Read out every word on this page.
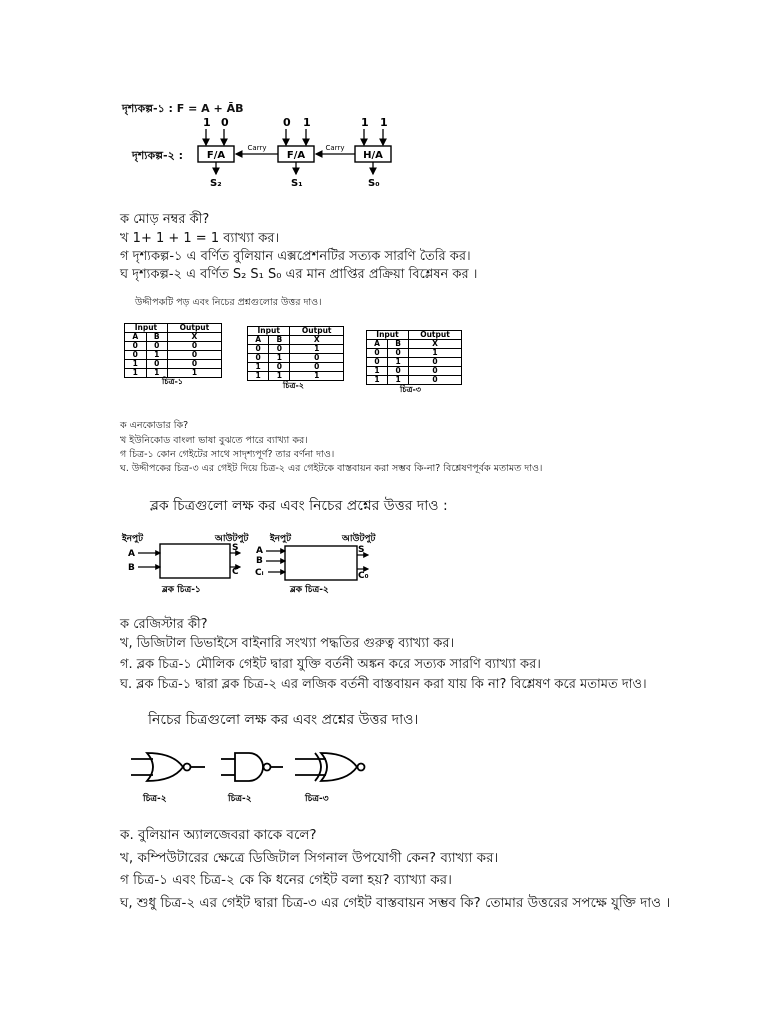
দৃশ্যকল্প-১ : F = A + ĀB
দৃশ্যকল্প-২ :
1 0	0 1	1 1
F/A	F/A	H/A
Carry	Carry
S₂	S₁	S₀
ক মোড় নম্বর কী?
খ 1+ 1 + 1 = 1 ব্যাখ্যা কর।
গ দৃশ্যকল্প-১ এ বর্ণিত বুলিয়ান এক্সপ্রেশনটির সত্যক সারণি তৈরি কর।
ঘ দৃশ্যকল্প-২ এ বর্ণিত S₂ S₁ S₀ এর মান প্রাপ্তির প্রক্রিয়া বিশ্লেষন কর ।
উদ্দীপকটি পড় এবং নিচের প্রশ্নগুলোর উত্তর দাও।
Input		Output
A	B	X
0	0	0
0	1	0
1	0	0
1	1	1
চিত্র-১
Input		Output
A	B	X
0	0	1
0	1	0
1	0	0
1	1	1
চিত্র-২
Input		Output
A	B	X
0	0	1
0	1	0
1	0	0
1	1	0
চিত্র-৩
ক এনকোডার কি?
খ ইউনিকোড বাংলা ভাষা বুঝতে পারে ব্যাখ্যা কর।
গ চিত্র-১ কোন গেইটের সাথে সাদৃশ্যপূর্ণ? তার বর্ণনা দাও।
ঘ. উদ্দীপকের চিত্র-৩ এর গেইট দিয়ে চিত্র-২ এর গেইটকে বাস্তবায়ন করা সম্ভব কি-না? বিশ্লেষণপূর্বক মতামত দাও।
ব্লক চিত্রগুলো লক্ষ কর এবং নিচের প্রশ্নের উত্তর দাও :
ইনপুট	আউটপুট
A
B
S
C
ব্লক চিত্র-১
ইনপুট	আউটপুট
A
B
Cᵢ
S
C₀
ব্লক চিত্র-২
ক রেজিস্টার কী?
খ, ডিজিটাল ডিভাইসে বাইনারি সংখ্যা পদ্ধতির গুরুত্ব ব্যাখ্যা কর।
গ. ব্লক চিত্র-১ মৌলিক গেইট দ্বারা যুক্তি বর্তনী অঙ্কন করে সত্যক সারণি ব্যাখ্যা কর।
ঘ. ব্লক চিত্র-১ দ্বারা ব্লক চিত্র-২ এর লজিক বর্তনী বাস্তবায়ন করা যায় কি না? বিশ্লেষণ করে মতামত দাও।
নিচের চিত্রগুলো লক্ষ কর এবং প্রশ্নের উত্তর দাও।
চিত্র-২	চিত্র-২	চিত্র-৩
ক. বুলিয়ান অ্যালজেবরা কাকে বলে?
খ, কম্পিউটারের ক্ষেত্রে ডিজিটাল সিগনাল উপযোগী কেন? ব্যাখ্যা কর।
গ চিত্র-১ এবং চিত্র-২ কে কি ধনের গেইট বলা হয়? ব্যাখ্যা কর।
ঘ, শুধু চিত্র-২ এর গেইট দ্বারা চিত্র-৩ এর গেইট বাস্তবায়ন সম্ভব কি? তোমার উত্তরের সপক্ষে যুক্তি দাও ।
